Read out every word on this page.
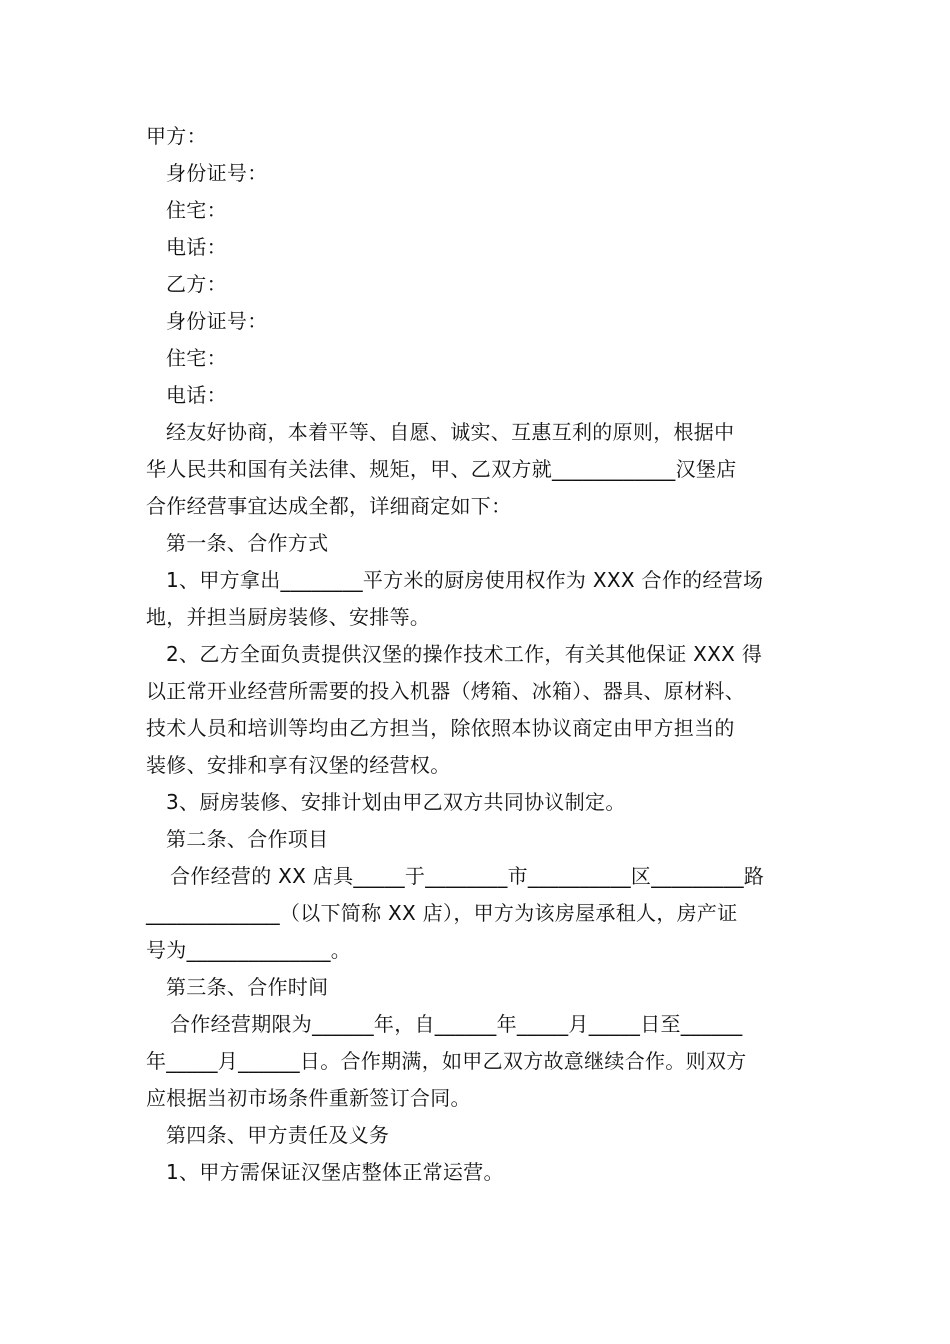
甲方：
身份证号：
住宅：
电话：
乙方：
身份证号：
住宅：
电话：
经友好协商，本着平等、自愿、诚实、互惠互利的原则，根据中
华人民共和国有关法律、规矩，甲、乙双方就____________汉堡店
合作经营事宜达成全都，详细商定如下：
第一条、合作方式
1、甲方拿出________平方米的厨房使用权作为 XXX 合作的经营场
地，并担当厨房装修、安排等。
2、乙方全面负责提供汉堡的操作技术工作，有关其他保证 XXX 得
以正常开业经营所需要的投入机器（烤箱、冰箱）、器具、原材料、
技术人员和培训等均由乙方担当，除依照本协议商定由甲方担当的
装修、安排和享有汉堡的经营权。
3、厨房装修、安排计划由甲乙双方共同协议制定。
第二条、合作项目
合作经营的 XX 店具_____于________市__________区_________路
_____________（以下简称 XX 店），甲方为该房屋承租人，房产证
号为______________。
第三条、合作时间
合作经营期限为______年，自______年_____月_____日至______
年_____月______日。合作期满，如甲乙双方故意继续合作。则双方
应根据当初市场条件重新签订合同。
第四条、甲方责任及义务
1、甲方需保证汉堡店整体正常运营。
